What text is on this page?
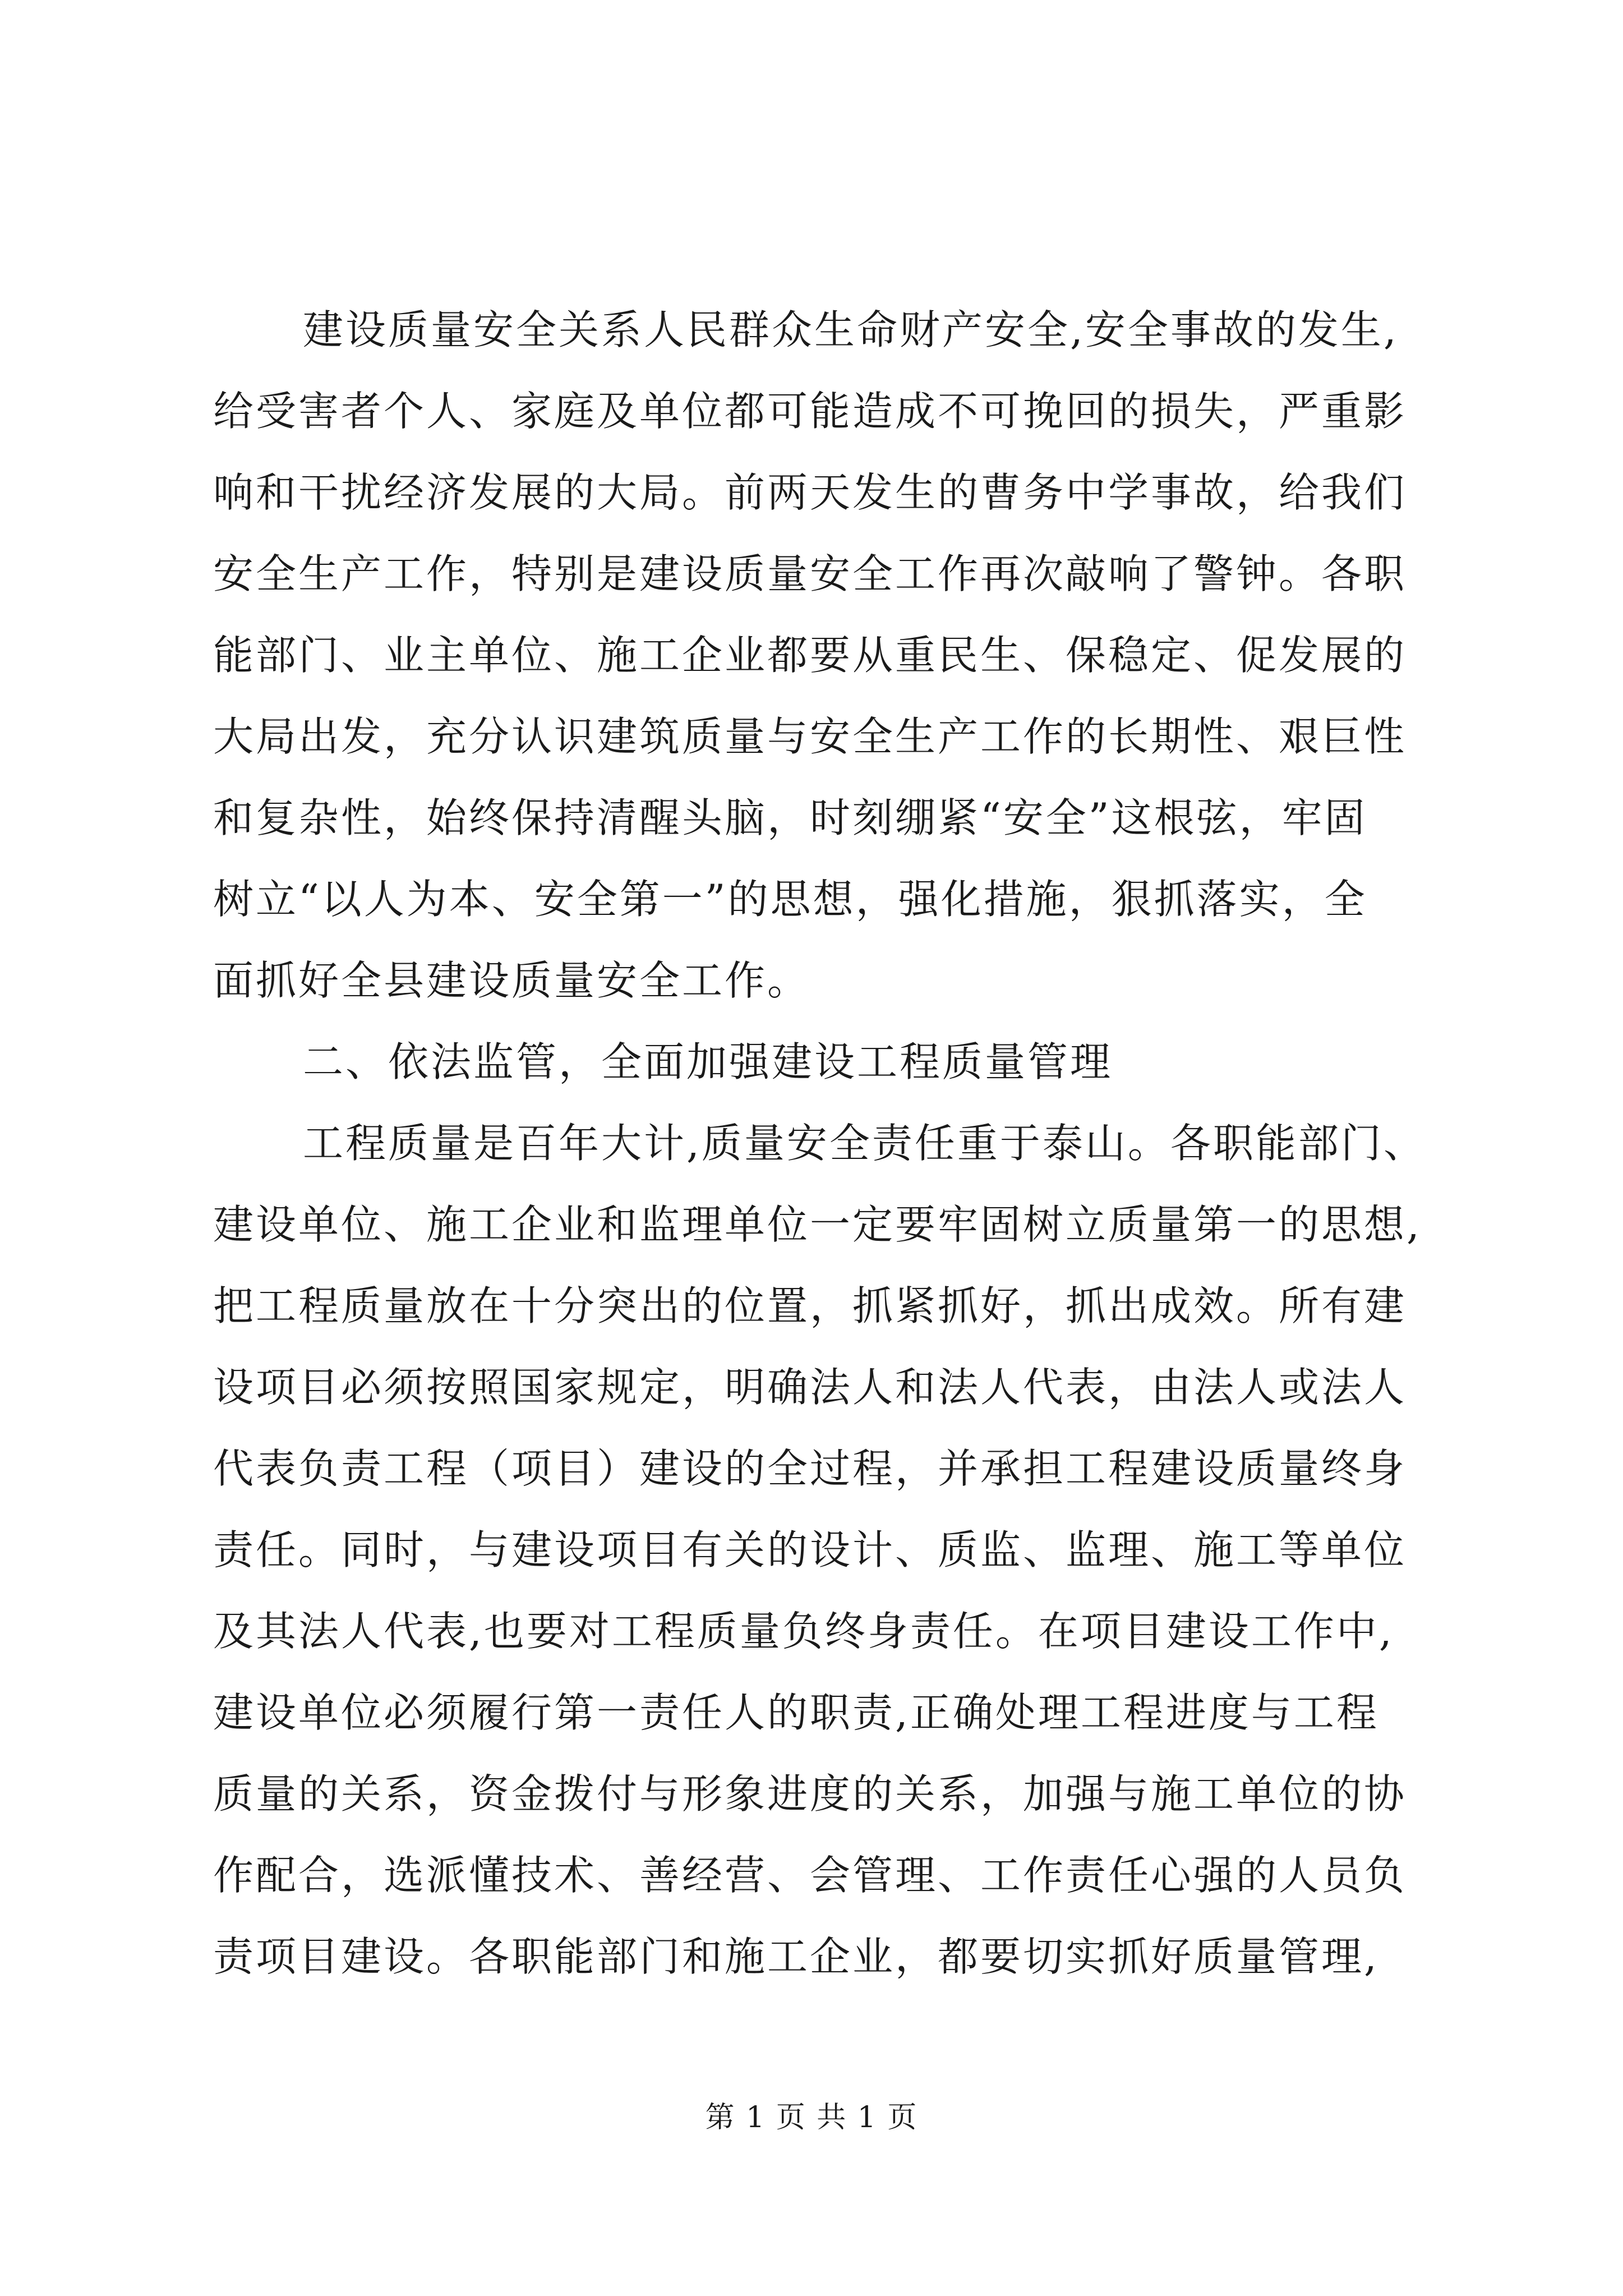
建设质量安全关系人民群众生命财产安全,安全事故的发生,
给受害者个人、家庭及单位都可能造成不可挽回的损失，严重影
响和干扰经济发展的大局。前两天发生的曹务中学事故，给我们
安全生产工作，特别是建设质量安全工作再次敲响了警钟。各职
能部门、业主单位、施工企业都要从重民生、保稳定、促发展的
大局出发，充分认识建筑质量与安全生产工作的长期性、艰巨性
和复杂性，始终保持清醒头脑，时刻绷紧“安全”这根弦，牢固
树立“以人为本、安全第一”的思想，强化措施，狠抓落实，全
面抓好全县建设质量安全工作。
二、依法监管，全面加强建设工程质量管理
工程质量是百年大计,质量安全责任重于泰山。各职能部门、
建设单位、施工企业和监理单位一定要牢固树立质量第一的思想,
把工程质量放在十分突出的位置，抓紧抓好，抓出成效。所有建
设项目必须按照国家规定，明确法人和法人代表，由法人或法人
代表负责工程（项目）建设的全过程，并承担工程建设质量终身
责任。同时，与建设项目有关的设计、质监、监理、施工等单位
及其法人代表,也要对工程质量负终身责任。在项目建设工作中,
建设单位必须履行第一责任人的职责,正确处理工程进度与工程
质量的关系，资金拨付与形象进度的关系，加强与施工单位的协
作配合，选派懂技术、善经营、会管理、工作责任心强的人员负
责项目建设。各职能部门和施工企业，都要切实抓好质量管理,
第 1 页 共 1 页
